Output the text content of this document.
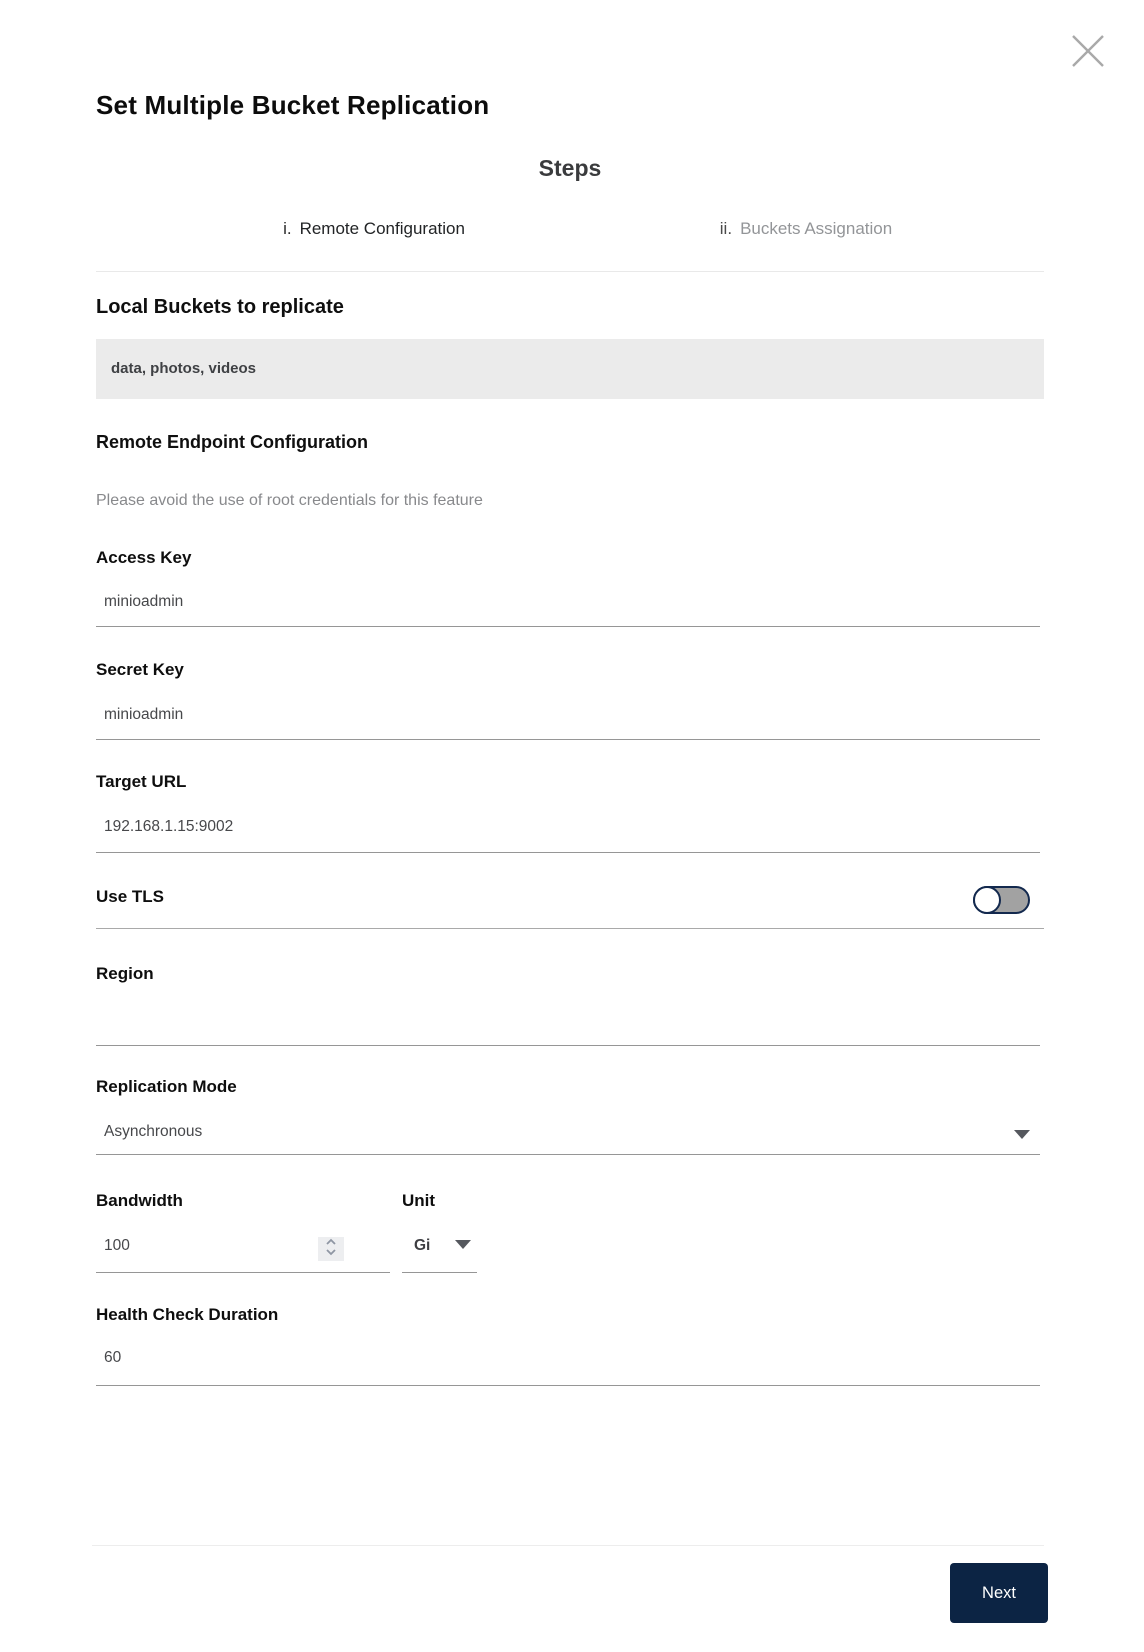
Set Multiple Bucket Replication
Steps
i. Remote Configuration	ii. Buckets Assignation
Local Buckets to replicate
data, photos, videos
Remote Endpoint Configuration
Please avoid the use of root credentials for this feature
Access Key
minioadmin
Secret Key
minioadmin
Target URL
192.168.1.15:9002
Use TLS
Region
Replication Mode
Asynchronous
Bandwidth	Unit
100	Gi
Health Check Duration
60
Next
